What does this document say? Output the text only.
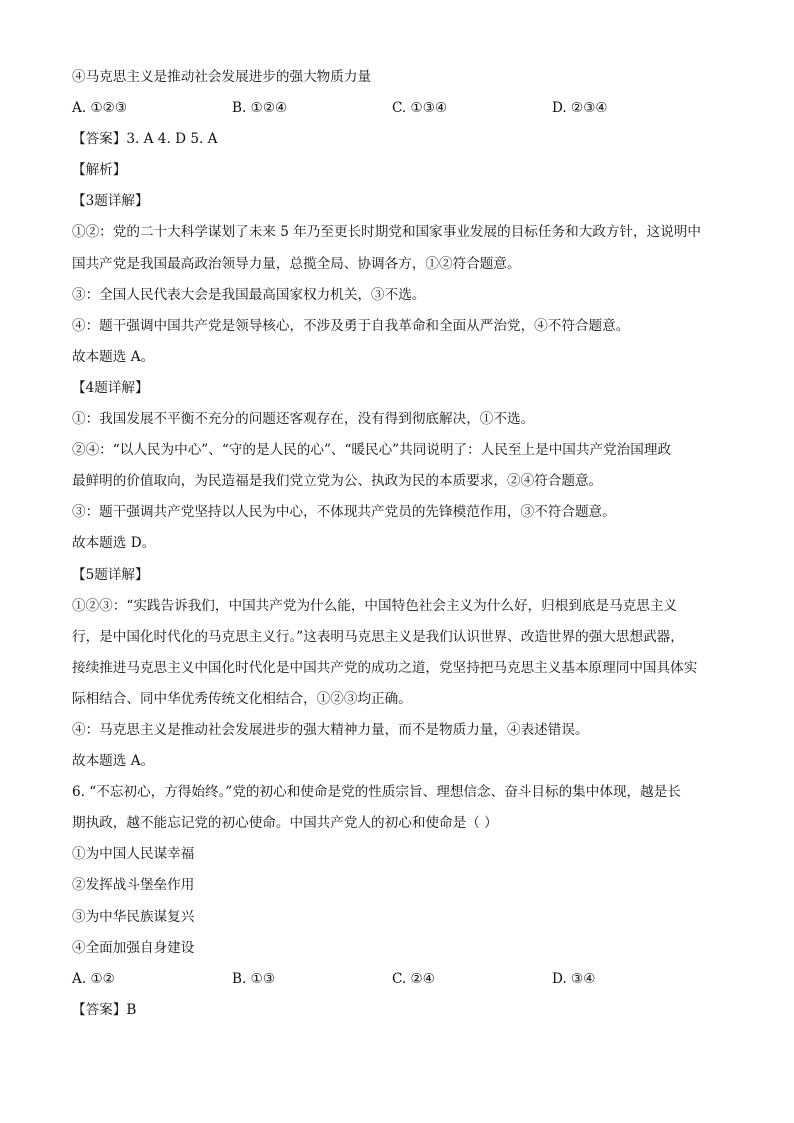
④马克思主义是推动社会发展进步的强大物质力量
A. ①②③	B. ①②④	C. ①③④	D. ②③④
【答案】3. A 4. D 5. A
【解析】
【3题详解】
①②：党的二十大科学谋划了未来 5 年乃至更长时期党和国家事业发展的目标任务和大政方针，这说明中
国共产党是我国最高政治领导力量，总揽全局、协调各方，①②符合题意。
③：全国人民代表大会是我国最高国家权力机关，③不选。
④：题干强调中国共产党是领导核心，不涉及勇于自我革命和全面从严治党，④不符合题意。
故本题选 A。
【4题详解】
①：我国发展不平衡不充分的问题还客观存在，没有得到彻底解决，①不选。
②④：“以人民为中心”、“守的是人民的心”、“暖民心”共同说明了：人民至上是中国共产党治国理政
最鲜明的价值取向，为民造福是我们党立党为公、执政为民的本质要求，②④符合题意。
③：题干强调共产党坚持以人民为中心，不体现共产党员的先锋模范作用，③不符合题意。
故本题选 D。
【5题详解】
①②③：“实践告诉我们，中国共产党为什么能，中国特色社会主义为什么好，归根到底是马克思主义
行，是中国化时代化的马克思主义行。”这表明马克思主义是我们认识世界、改造世界的强大思想武器，
接续推进马克思主义中国化时代化是中国共产党的成功之道，党坚持把马克思主义基本原理同中国具体实
际相结合、同中华优秀传统文化相结合，①②③均正确。
④：马克思主义是推动社会发展进步的强大精神力量，而不是物质力量，④表述错误。
故本题选 A。
6. “不忘初心，方得始终。”党的初心和使命是党的性质宗旨、理想信念、奋斗目标的集中体现，越是长
期执政，越不能忘记党的初心使命。中国共产党人的初心和使命是（ ）
①为中国人民谋幸福
②发挥战斗堡垒作用
③为中华民族谋复兴
④全面加强自身建设
A. ①②	B. ①③	C. ②④	D. ③④
【答案】B
